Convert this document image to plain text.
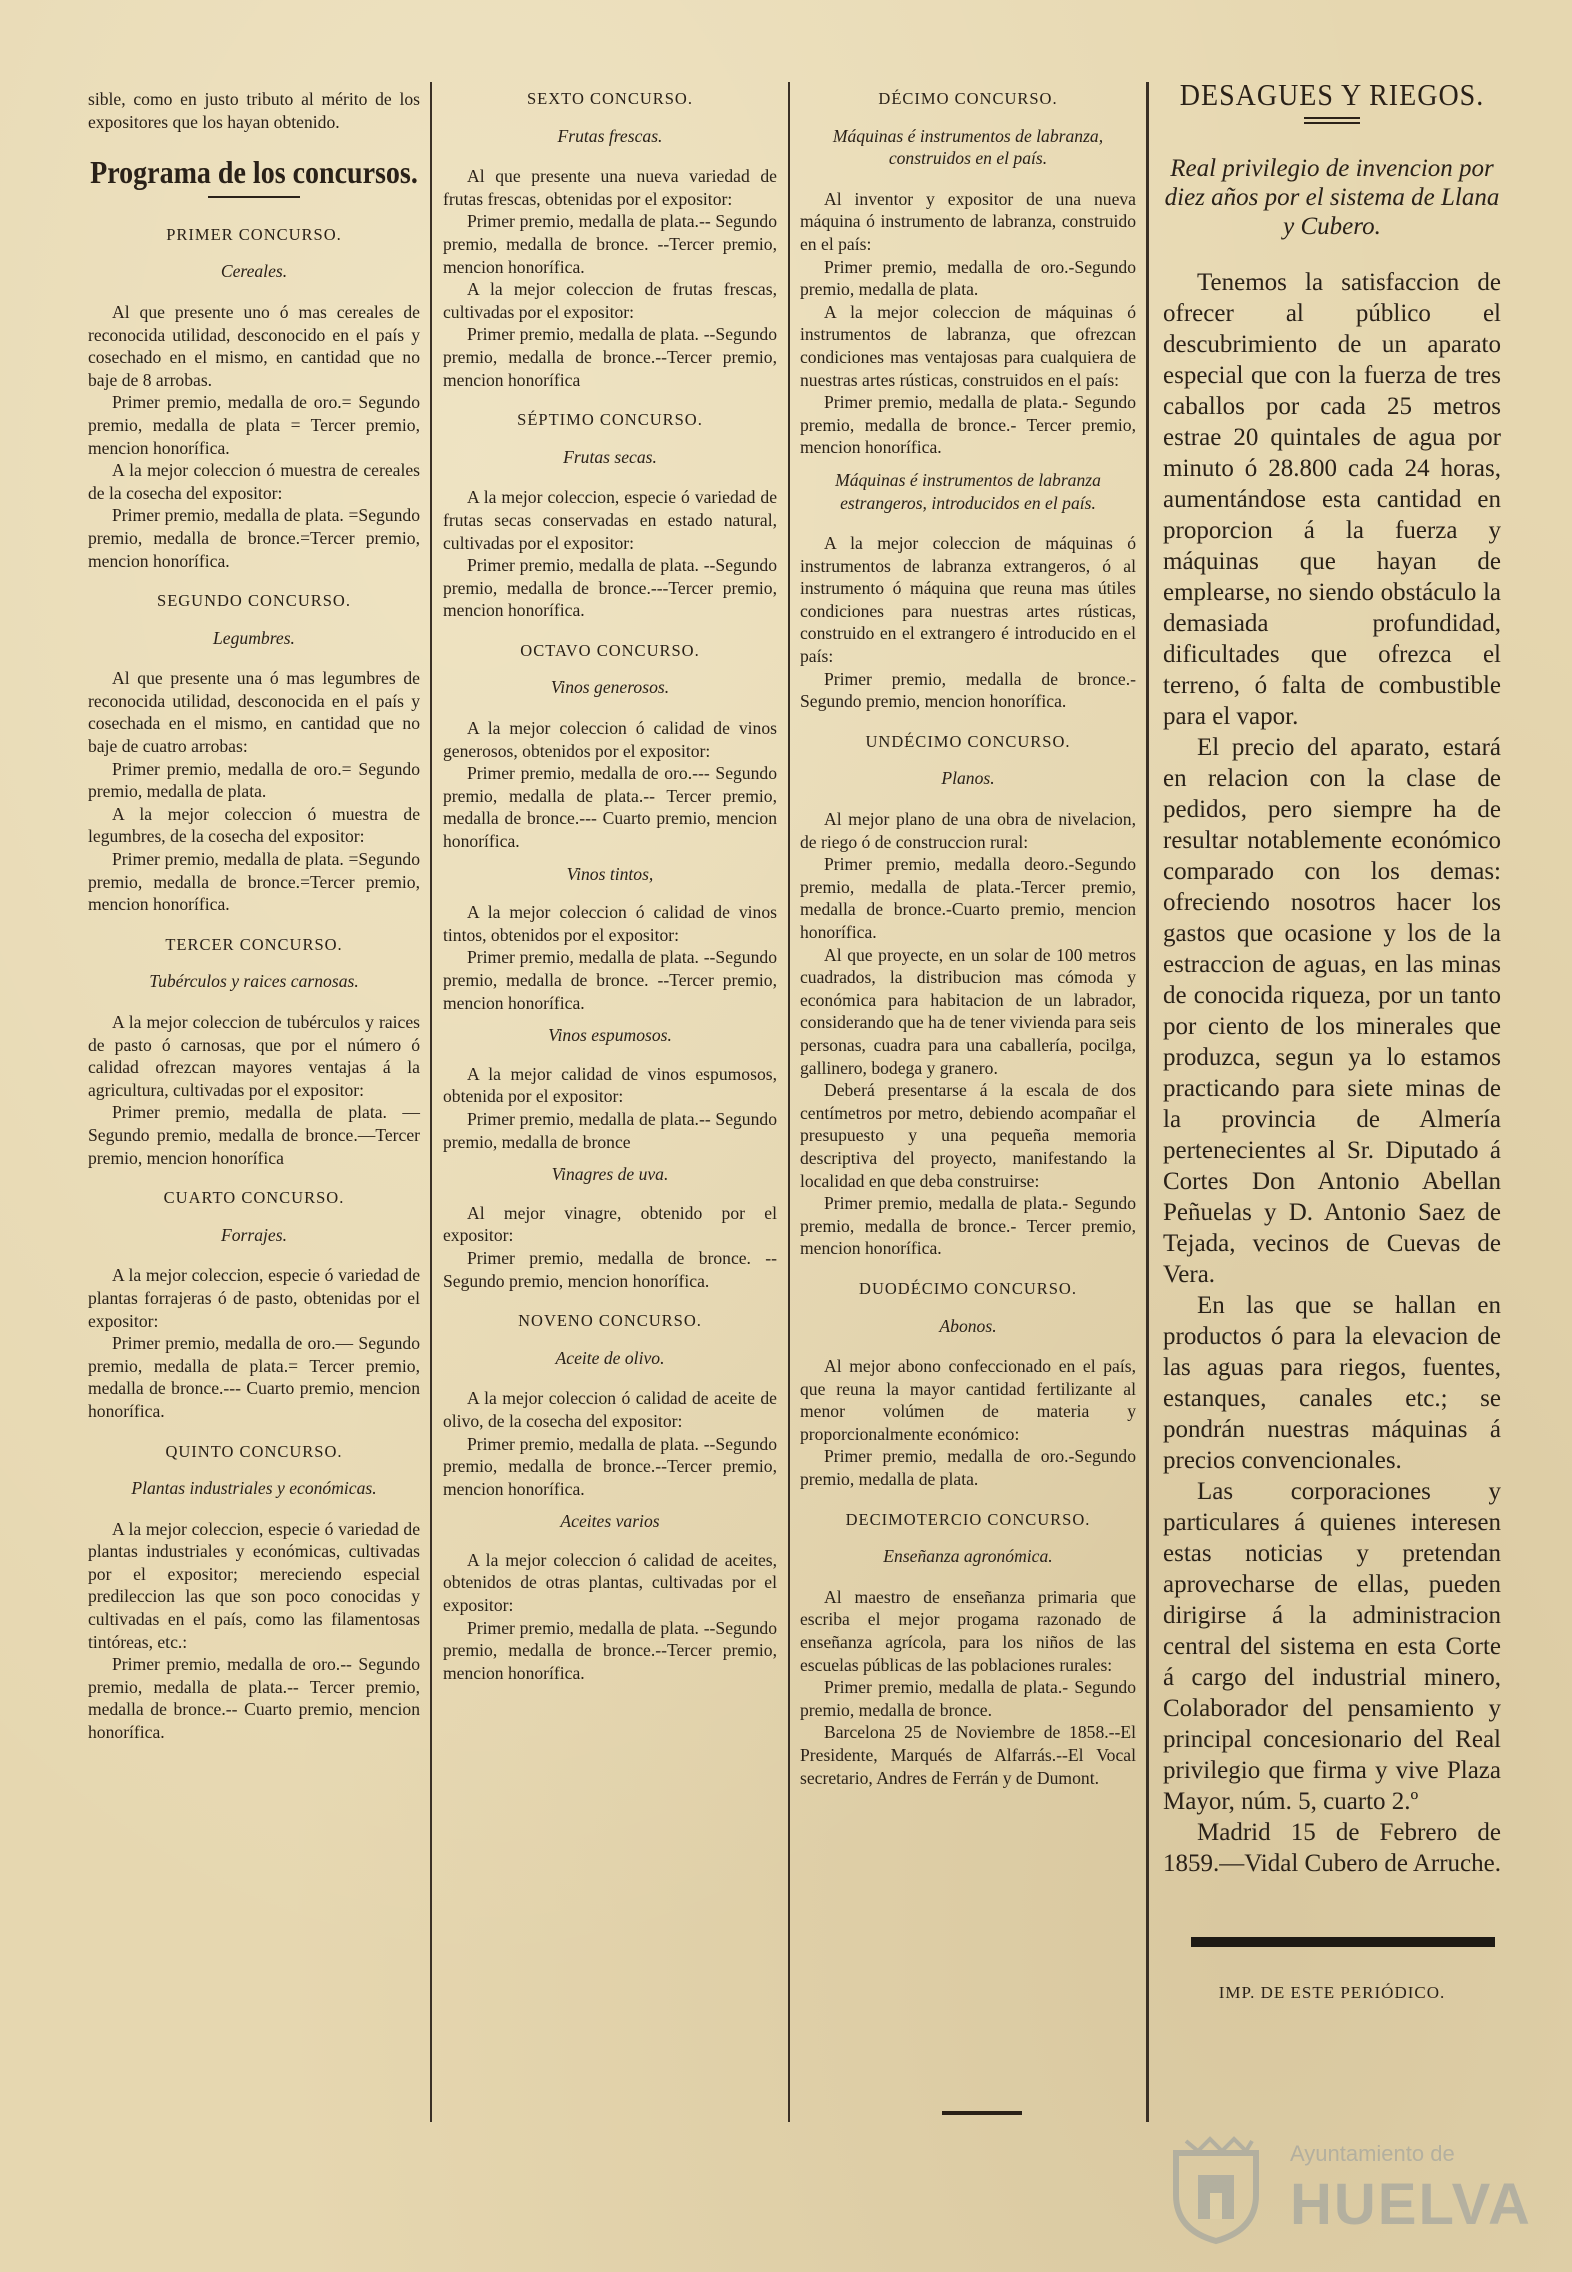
sible, como en justo tributo al mérito de los expositores que los hayan obtenido.

Programa de los concursos.
PRIMER CONCURSO.
Cereales.

Al que presente uno ó mas cereales de reconocida utilidad, desconocido en el país y cosechado en el mismo, en cantidad que no baje de 8 arrobas.

Primer premio, medalla de oro.= Segundo premio, medalla de plata = Tercer premio, mencion honorífica.

A la mejor coleccion ó muestra de cereales de la cosecha del expositor:

Primer premio, medalla de plata. =Segundo premio, medalla de bronce.=Tercer premio, mencion honorífica.

SEGUNDO CONCURSO.
Legumbres.

Al que presente una ó mas legumbres de reconocida utilidad, desconocida en el país y cosechada en el mismo, en cantidad que no baje de cuatro arrobas:

Primer premio, medalla de oro.= Segundo premio, medalla de plata.

A la mejor coleccion ó muestra de legumbres, de la cosecha del expositor:

Primer premio, medalla de plata. =Segundo premio, medalla de bronce.=Tercer premio, mencion honorífica.

TERCER CONCURSO.
Tubérculos y raices carnosas.

A la mejor coleccion de tubérculos y raices de pasto ó carnosas, que por el número ó calidad ofrezcan mayores ventajas á la agricultura, cultivadas por el expositor:

Primer premio, medalla de plata. —Segundo premio, medalla de bronce.—Tercer premio, mencion honorífica

CUARTO CONCURSO.
Forrajes.

A la mejor coleccion, especie ó variedad de plantas forrajeras ó de pasto, obtenidas por el expositor:

Primer premio, medalla de oro.— Segundo premio, medalla de plata.= Tercer premio, medalla de bronce.--- Cuarto premio, mencion honorífica.

QUINTO CONCURSO.
Plantas industriales y económicas.

A la mejor coleccion, especie ó variedad de plantas industriales y económicas, cultivadas por el expositor; mereciendo especial predileccion las que son poco conocidas y cultivadas en el país, como las filamentosas tintóreas, etc.:

Primer premio, medalla de oro.-- Segundo premio, medalla de plata.-- Tercer premio, medalla de bronce.-- Cuarto premio, mencion honorífica.

SEXTO CONCURSO.
Frutas frescas.

Al que presente una nueva variedad de frutas frescas, obtenidas por el expositor:

Primer premio, medalla de plata.-- Segundo premio, medalla de bronce. --Tercer premio, mencion honorífica.

A la mejor coleccion de frutas frescas, cultivadas por el expositor:

Primer premio, medalla de plata. --Segundo premio, medalla de bronce.--Tercer premio, mencion honorífica

SÉPTIMO CONCURSO.
Frutas secas.

A la mejor coleccion, especie ó variedad de frutas secas conservadas en estado natural, cultivadas por el expositor:

Primer premio, medalla de plata. --Segundo premio, medalla de bronce.---Tercer premio, mencion honorífica.

OCTAVO CONCURSO.
Vinos generosos.

A la mejor coleccion ó calidad de vinos generosos, obtenidos por el expositor:

Primer premio, medalla de oro.--- Segundo premio, medalla de plata.-- Tercer premio, medalla de bronce.--- Cuarto premio, mencion honorífica.

Vinos tintos,

A la mejor coleccion ó calidad de vinos tintos, obtenidos por el expositor:

Primer premio, medalla de plata. --Segundo premio, medalla de bronce. --Tercer premio, mencion honorífica.

Vinos espumosos.

A la mejor calidad de vinos espumosos, obtenida por el expositor:

Primer premio, medalla de plata.-- Segundo premio, medalla de bronce

Vinagres de uva.

Al mejor vinagre, obtenido por el expositor:

Primer premio, medalla de bronce. --Segundo premio, mencion honorífica.

NOVENO CONCURSO.
Aceite de olivo.

A la mejor coleccion ó calidad de aceite de olivo, de la cosecha del expositor:

Primer premio, medalla de plata. --Segundo premio, medalla de bronce.--Tercer premio, mencion honorífica.

Aceites varios

A la mejor coleccion ó calidad de aceites, obtenidos de otras plantas, cultivadas por el expositor:

Primer premio, medalla de plata. --Segundo premio, medalla de bronce.--Tercer premio, mencion honorífica.

DÉCIMO CONCURSO.
Máquinas é instrumentos de labranza, construidos en el país.

Al inventor y expositor de una nueva máquina ó instrumento de labranza, construido en el país:

Primer premio, medalla de oro.-Segundo premio, medalla de plata.

A la mejor coleccion de máquinas ó instrumentos de labranza, que ofrezcan condiciones mas ventajosas para cualquiera de nuestras artes rústicas, construidos en el país:

Primer premio, medalla de plata.- Segundo premio, medalla de bronce.- Tercer premio, mencion honorífica.

Máquinas é instrumentos de labranza estrangeros, introducidos en el país.

A la mejor coleccion de máquinas ó instrumentos de labranza extrangeros, ó al instrumento ó máquina que reuna mas útiles condiciones para nuestras artes rústicas, construido en el extrangero é introducido en el país:

Primer premio, medalla de bronce.- Segundo premio, mencion honorífica.

UNDÉCIMO CONCURSO.
Planos.

Al mejor plano de una obra de nivelacion, de riego ó de construccion rural:

Primer premio, medalla deoro.-Segundo premio, medalla de plata.-Tercer premio, medalla de bronce.-Cuarto premio, mencion honorífica.

Al que proyecte, en un solar de 100 metros cuadrados, la distribucion mas cómoda y económica para habitacion de un labrador, considerando que ha de tener vivienda para seis personas, cuadra para una caballería, pocilga, gallinero, bodega y granero.

Deberá presentarse á la escala de dos centímetros por metro, debiendo acompañar el presupuesto y una pequeña memoria descriptiva del proyecto, manifestando la localidad en que deba construirse:

Primer premio, medalla de plata.- Segundo premio, medalla de bronce.- Tercer premio, mencion honorífica.

DUODÉCIMO CONCURSO.
Abonos.

Al mejor abono confeccionado en el país, que reuna la mayor cantidad fertilizante al menor volúmen de materia y proporcionalmente económico:

Primer premio, medalla de oro.-Segundo premio, medalla de plata.

DECIMOTERCIO CONCURSO.
Enseñanza agronómica.

Al maestro de enseñanza primaria que escriba el mejor progama razonado de enseñanza agrícola, para los niños de las escuelas públicas de las poblaciones rurales:

Primer premio, medalla de plata.- Segundo premio, medalla de bronce.

Barcelona 25 de Noviembre de 1858.--El Presidente, Marqués de Alfarrás.--El Vocal secretario, Andres de Ferrán y de Dumont.

DESAGUES Y RIEGOS.
Real privilegio de invencion por diez años por el sistema de Llana y Cubero.

Tenemos la satisfaccion de ofrecer al público el descubrimiento de un aparato especial que con la fuerza de tres caballos por cada 25 metros estrae 20 quintales de agua por minuto ó 28.800 cada 24 horas, aumentándose esta cantidad en proporcion á la fuerza y máquinas que hayan de emplearse, no siendo obstáculo la demasiada profundidad, dificultades que ofrezca el terreno, ó falta de combustible para el vapor.

El precio del aparato, estará en relacion con la clase de pedidos, pero siempre ha de resultar notablemente económico comparado con los demas: ofreciendo nosotros hacer los gastos que ocasione y los de la estraccion de aguas, en las minas de conocida riqueza, por un tanto por ciento de los minerales que produzca, segun ya lo estamos practicando para siete minas de la provincia de Almería pertenecientes al Sr. Diputado á Cortes Don Antonio Abellan Peñuelas y D. Antonio Saez de Tejada, vecinos de Cuevas de Vera.

En las que se hallan en productos ó para la elevacion de las aguas para riegos, fuentes, estanques, canales etc.; se pondrán nuestras máquinas á precios convencionales.

Las corporaciones y particulares á quienes interesen estas noticias y pretendan aprovecharse de ellas, pueden dirigirse á la administracion central del sistema en esta Corte á cargo del industrial minero, Colaborador del pensamiento y principal concesionario del Real privilegio que firma y vive Plaza Mayor, núm. 5, cuarto 2.º

Madrid 15 de Febrero de 1859.—Vidal Cubero de Arruche.

IMP. DE ESTE PERIÓDICO.
Ayuntamiento de
HUELVA
